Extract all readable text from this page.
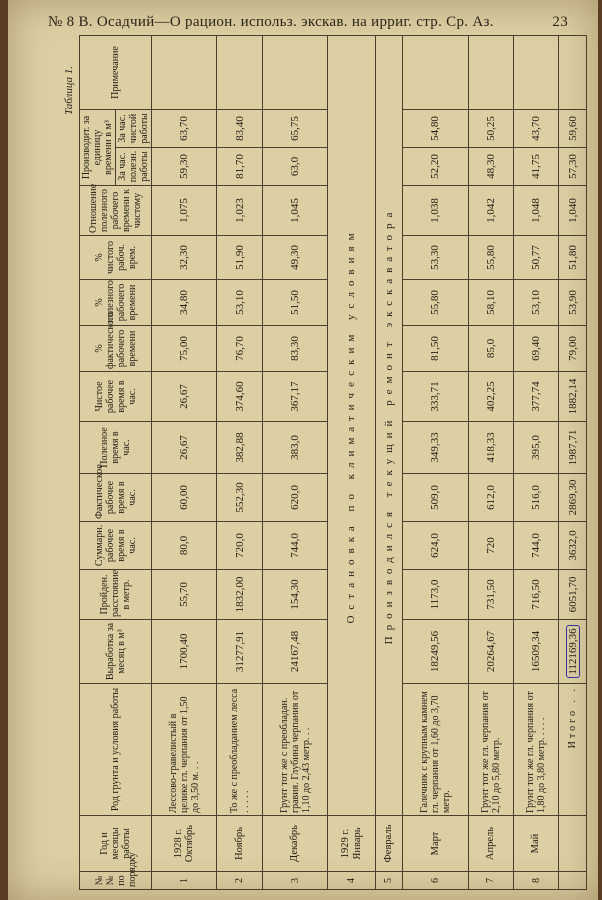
№ 8 В. Осадчий—О рацион. использ. экскав. на ирриг. стр. Ср. Аз.	23
Таблица 1.
№№ по порядку	Год и месяцы работы	Род грунта и условия работы	Выработка за месяц в м³	Пройден. расстояние в метр.	Суммарн. рабочее время в час.	Фактическое рабочее время в час.	Полезное время в час.	Чистое рабочее время в час.	% фактического рабочего времени	% полезного рабочего времени	% чистого рабоч. врем.	Отношение полезного рабочего времени к чистому	Производит. за единицу времени в м³		Примечание
													За час. полезн. работы	За час. чистой работы	
1	1928 г. Октябрь	Лессово-гравелистый в целике гл. черпания от 1,50 до 3,50 м. . .	1700,40	55,70	80,0	60,00	26,67	26,67	75,00	34,80	32,30	1,075	59,30	63,70	
2	Ноябрь	То же с преобладанием лесса . . . . .	31277,91	1832,00	720,0	552,30	382,88	374,60	76,70	53,10	51,90	1,023	81,70	83,40	
3	Декабрь	Грунт тот же с преобладан. гравия. Глубина черпания от 1,10 до 2,43 метр. . .	24167,48	154,30	744,0	620,0	383,0	367,17	83,30	51,50	49,30	1,045	63,0	65,75	
4	1929 г. Январь	Остановка по климатическим условиям													
5	Февраль	Производился текущий ремонт экскаватора													
6	Март	Галечник с крупным камнем гл. черпания от 1,60 до 3,70 метр.	18249,56	1173,0	624,0	509,0	349,33	333,71	81,50	55,80	53,30	1,038	52,20	54,80	
7	Апрель	Грунт тот же гл. черпания от 2,10 до 5,80 метр.	20264,67	731,50	720	612,0	418,33	402,25	85,0	58,10	55,80	1,042	48,30	50,25	
8	Май	Грунт тот же гл. черпания от 1,80 до 3,80 метр. . . . .	16509,34	716,50	744,0	516,0	395,0	377,74	69,40	53,10	50,77	1,048	41,75	43,70	
		Итого . .	112169,36	6051,70	3632,0	2869,30	1987,71	1882,14	79,00	53,90	51,80	1,040	57,30	59,60	
